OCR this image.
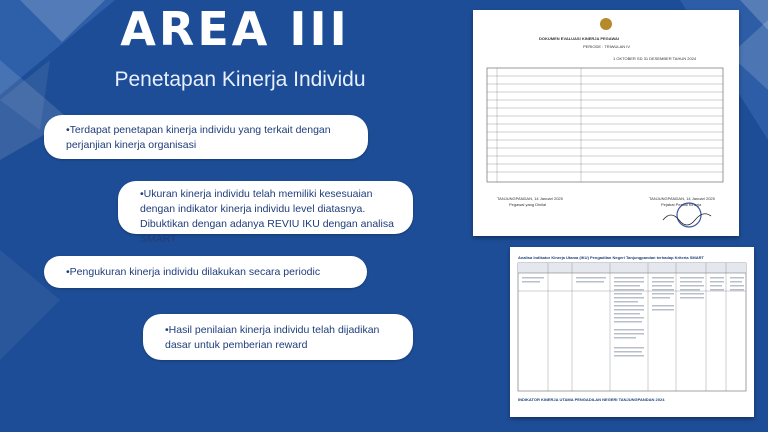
AREA III
Penetapan Kinerja Individu
•Terdapat penetapan kinerja individu yang terkait dengan perjanjian kinerja organisasi
•Ukuran kinerja individu telah memiliki kesesuaian dengan indikator kinerja individu level diatasnya. Dibuktikan dengan adanya REVIU IKU dengan analisa SMART
•Pengukuran kinerja individu dilakukan secara periodic
•Hasil penilaian kinerja individu telah dijadikan dasar untuk pemberian reward
DOKUMEN EVALUASI KINERJA PEGAWAI
PERIODE : TRIWULAN IV
1 OKTOBER SD 31 DESEMBER TAHUN 2024
TANJUNGPANDAN, 14 Januari 2025
Pegawai yang Dinilai
TANJUNGPANDAN, 14 Januari 2025
Pejabat Penilai Kinerja
Analisa Indikator Kinerja Utama (IKU) Pengadilan Negeri Tanjungpandan terhadap Kriteria SMART
INDIKATOR KINERJA UTAMA PENGADILAN NEGERI TANJUNGPANDAN 2024
